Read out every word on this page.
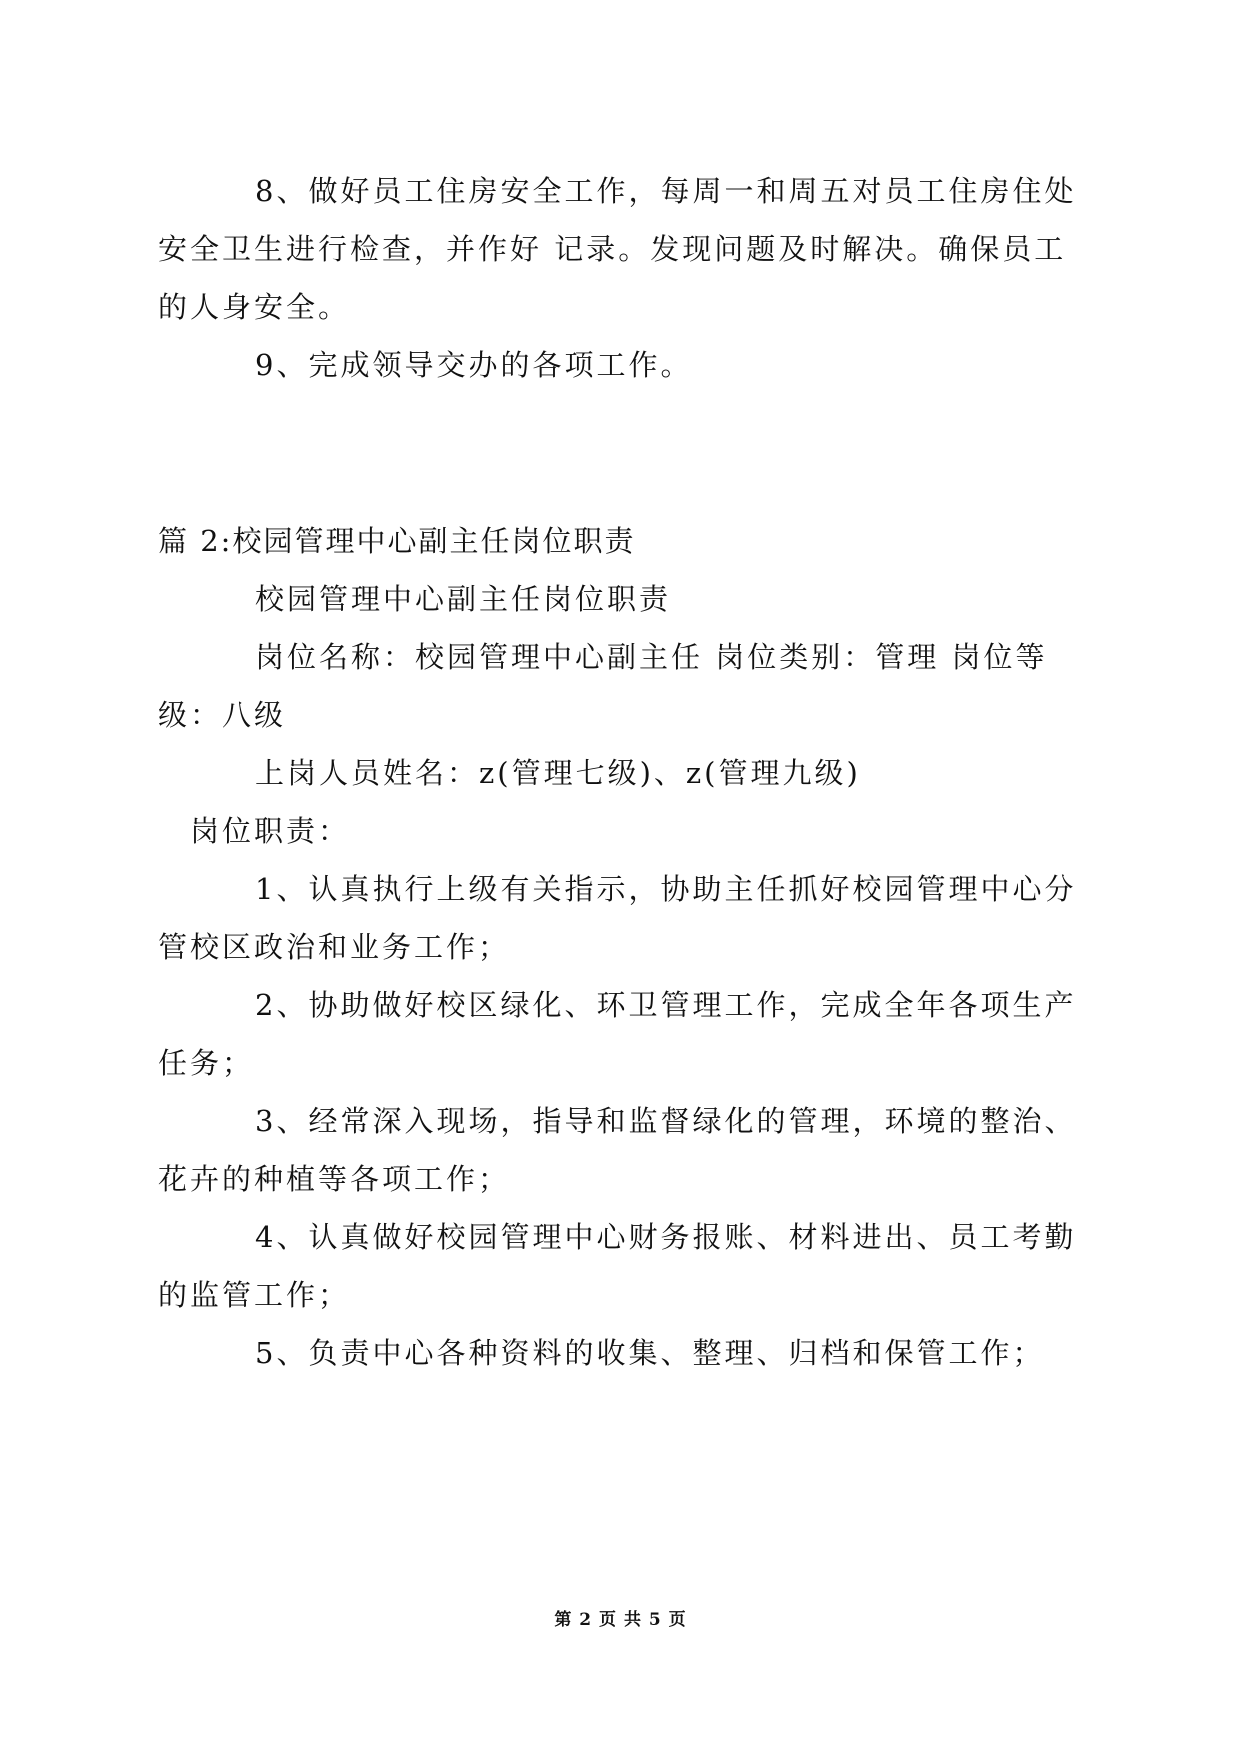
8、做好员工住房安全工作，每周一和周五对员工住房住处
安全卫生进行检查，并作好 记录。发现问题及时解决。确保员工
的人身安全。
9、完成领导交办的各项工作。
篇 2:校园管理中心副主任岗位职责
校园管理中心副主任岗位职责
岗位名称：校园管理中心副主任 岗位类别：管理 岗位等
级：八级
上岗人员姓名：z(管理七级)、z(管理九级)
岗位职责：
1、认真执行上级有关指示，协助主任抓好校园管理中心分
管校区政治和业务工作；
2、协助做好校区绿化、环卫管理工作，完成全年各项生产
任务；
3、经常深入现场，指导和监督绿化的管理，环境的整治、
花卉的种植等各项工作；
4、认真做好校园管理中心财务报账、材料进出、员工考勤
的监管工作；
5、负责中心各种资料的收集、整理、归档和保管工作；
第 2 页 共 5 页
